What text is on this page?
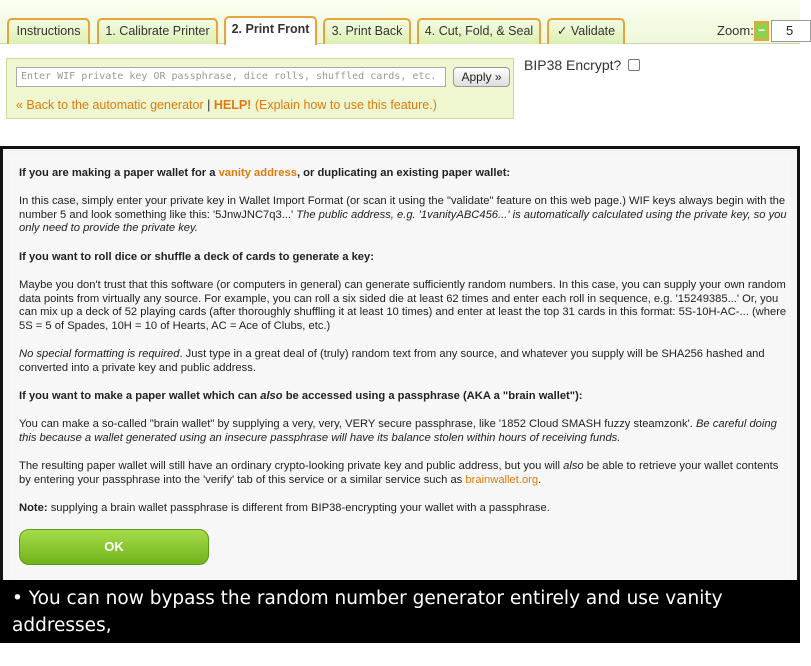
Instructions	1. Calibrate Printer	2. Print Front	3. Print Back	4. Cut, Fold, & Seal	✓ Validate	Zoom: −	5
Enter WIF private key OR passphrase, dice rolls, shuffled cards, etc.	Apply »
« Back to the automatic generator | HELP! (Explain how to use this feature.)
BIP38 Encrypt?

If you are making a paper wallet for a vanity address, or duplicating an existing paper wallet:

In this case, simply enter your private key in Wallet Import Format (or scan it using the "validate" feature on this web page.) WIF keys always begin with the number 5 and look something like this: '5JnwJNC7q3...' The public address, e.g. '1vanityABC456...' is automatically calculated using the private key, so you only need to provide the private key.

If you want to roll dice or shuffle a deck of cards to generate a key:

Maybe you don't trust that this software (or computers in general) can generate sufficiently random numbers. In this case, you can supply your own random data points from virtually any source. For example, you can roll a six sided die at least 62 times and enter each roll in sequence, e.g. '15249385...' Or, you can mix up a deck of 52 playing cards (after thoroughly shuffling it at least 10 times) and enter at least the top 31 cards in this format: 5S-10H-AC-... (where 5S = 5 of Spades, 10H = 10 of Hearts, AC = Ace of Clubs, etc.)

No special formatting is required. Just type in a great deal of (truly) random text from any source, and whatever you supply will be SHA256 hashed and converted into a private key and public address.

If you want to make a paper wallet which can also be accessed using a passphrase (AKA a "brain wallet"):

You can make a so-called "brain wallet" by supplying a very, very, VERY secure passphrase, like '1852 Cloud SMASH fuzzy steamzonk'. Be careful doing this because a wallet generated using an insecure passphrase will have its balance stolen within hours of receiving funds.

The resulting paper wallet will still have an ordinary crypto-looking private key and public address, but you will also be able to retrieve your wallet contents by entering your passphrase into the 'verify' tab of this service or a similar service such as brainwallet.org.

Note: supplying a brain wallet passphrase is different from BIP38-encrypting your wallet with a passphrase.

OK
• You can now bypass the random number generator entirely and use vanity addresses,
dice, playing cards, brain wallets...
